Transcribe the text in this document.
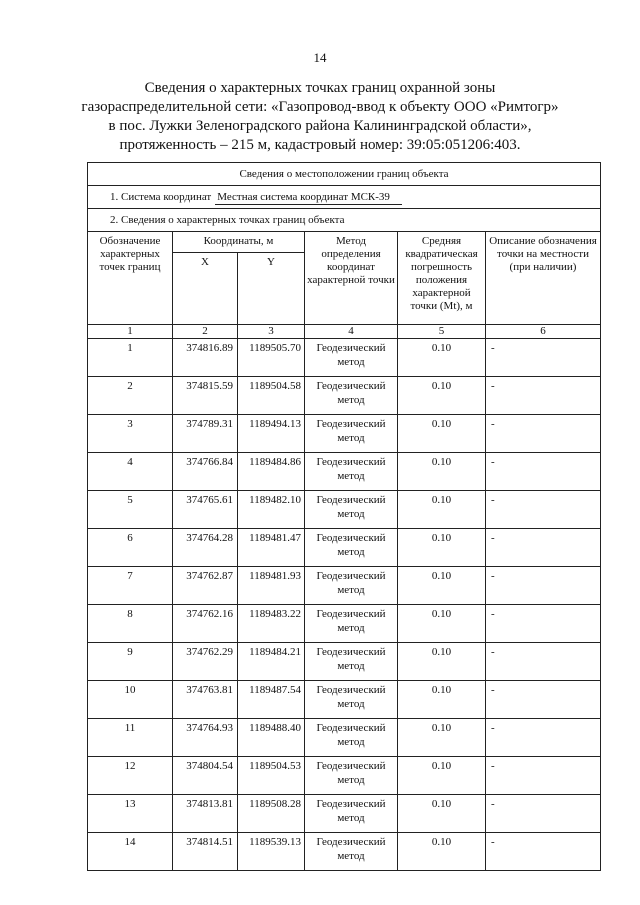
14
Сведения о характерных точках границ охранной зоны
газораспределительной сети: «Газопровод-ввод к объекту ООО «Римтогр»
в пос. Лужки Зеленоградского района Калининградской области»,
протяженность – 215 м, кадастровый номер: 39:05:051206:403.
Сведения о местоположении границ объекта					
1. Система координат Местная система координат МСК-39					
2. Сведения о характерных точках границ объекта					
Обозначение характерных точек границ	Координаты, м		Метод определения координат характерной точки	Средняя квадратическая погрешность положения характерной точки (Mt), м	Описание обозначения точки на местности (при наличии)
	X	Y			
1	2	3	4	5	6
1	374816.89	1189505.70	Геодезический метод	0.10	-
2	374815.59	1189504.58	Геодезический метод	0.10	-
3	374789.31	1189494.13	Геодезический метод	0.10	-
4	374766.84	1189484.86	Геодезический метод	0.10	-
5	374765.61	1189482.10	Геодезический метод	0.10	-
6	374764.28	1189481.47	Геодезический метод	0.10	-
7	374762.87	1189481.93	Геодезический метод	0.10	-
8	374762.16	1189483.22	Геодезический метод	0.10	-
9	374762.29	1189484.21	Геодезический метод	0.10	-
10	374763.81	1189487.54	Геодезический метод	0.10	-
11	374764.93	1189488.40	Геодезический метод	0.10	-
12	374804.54	1189504.53	Геодезический метод	0.10	-
13	374813.81	1189508.28	Геодезический метод	0.10	-
14	374814.51	1189539.13	Геодезический метод	0.10	-
